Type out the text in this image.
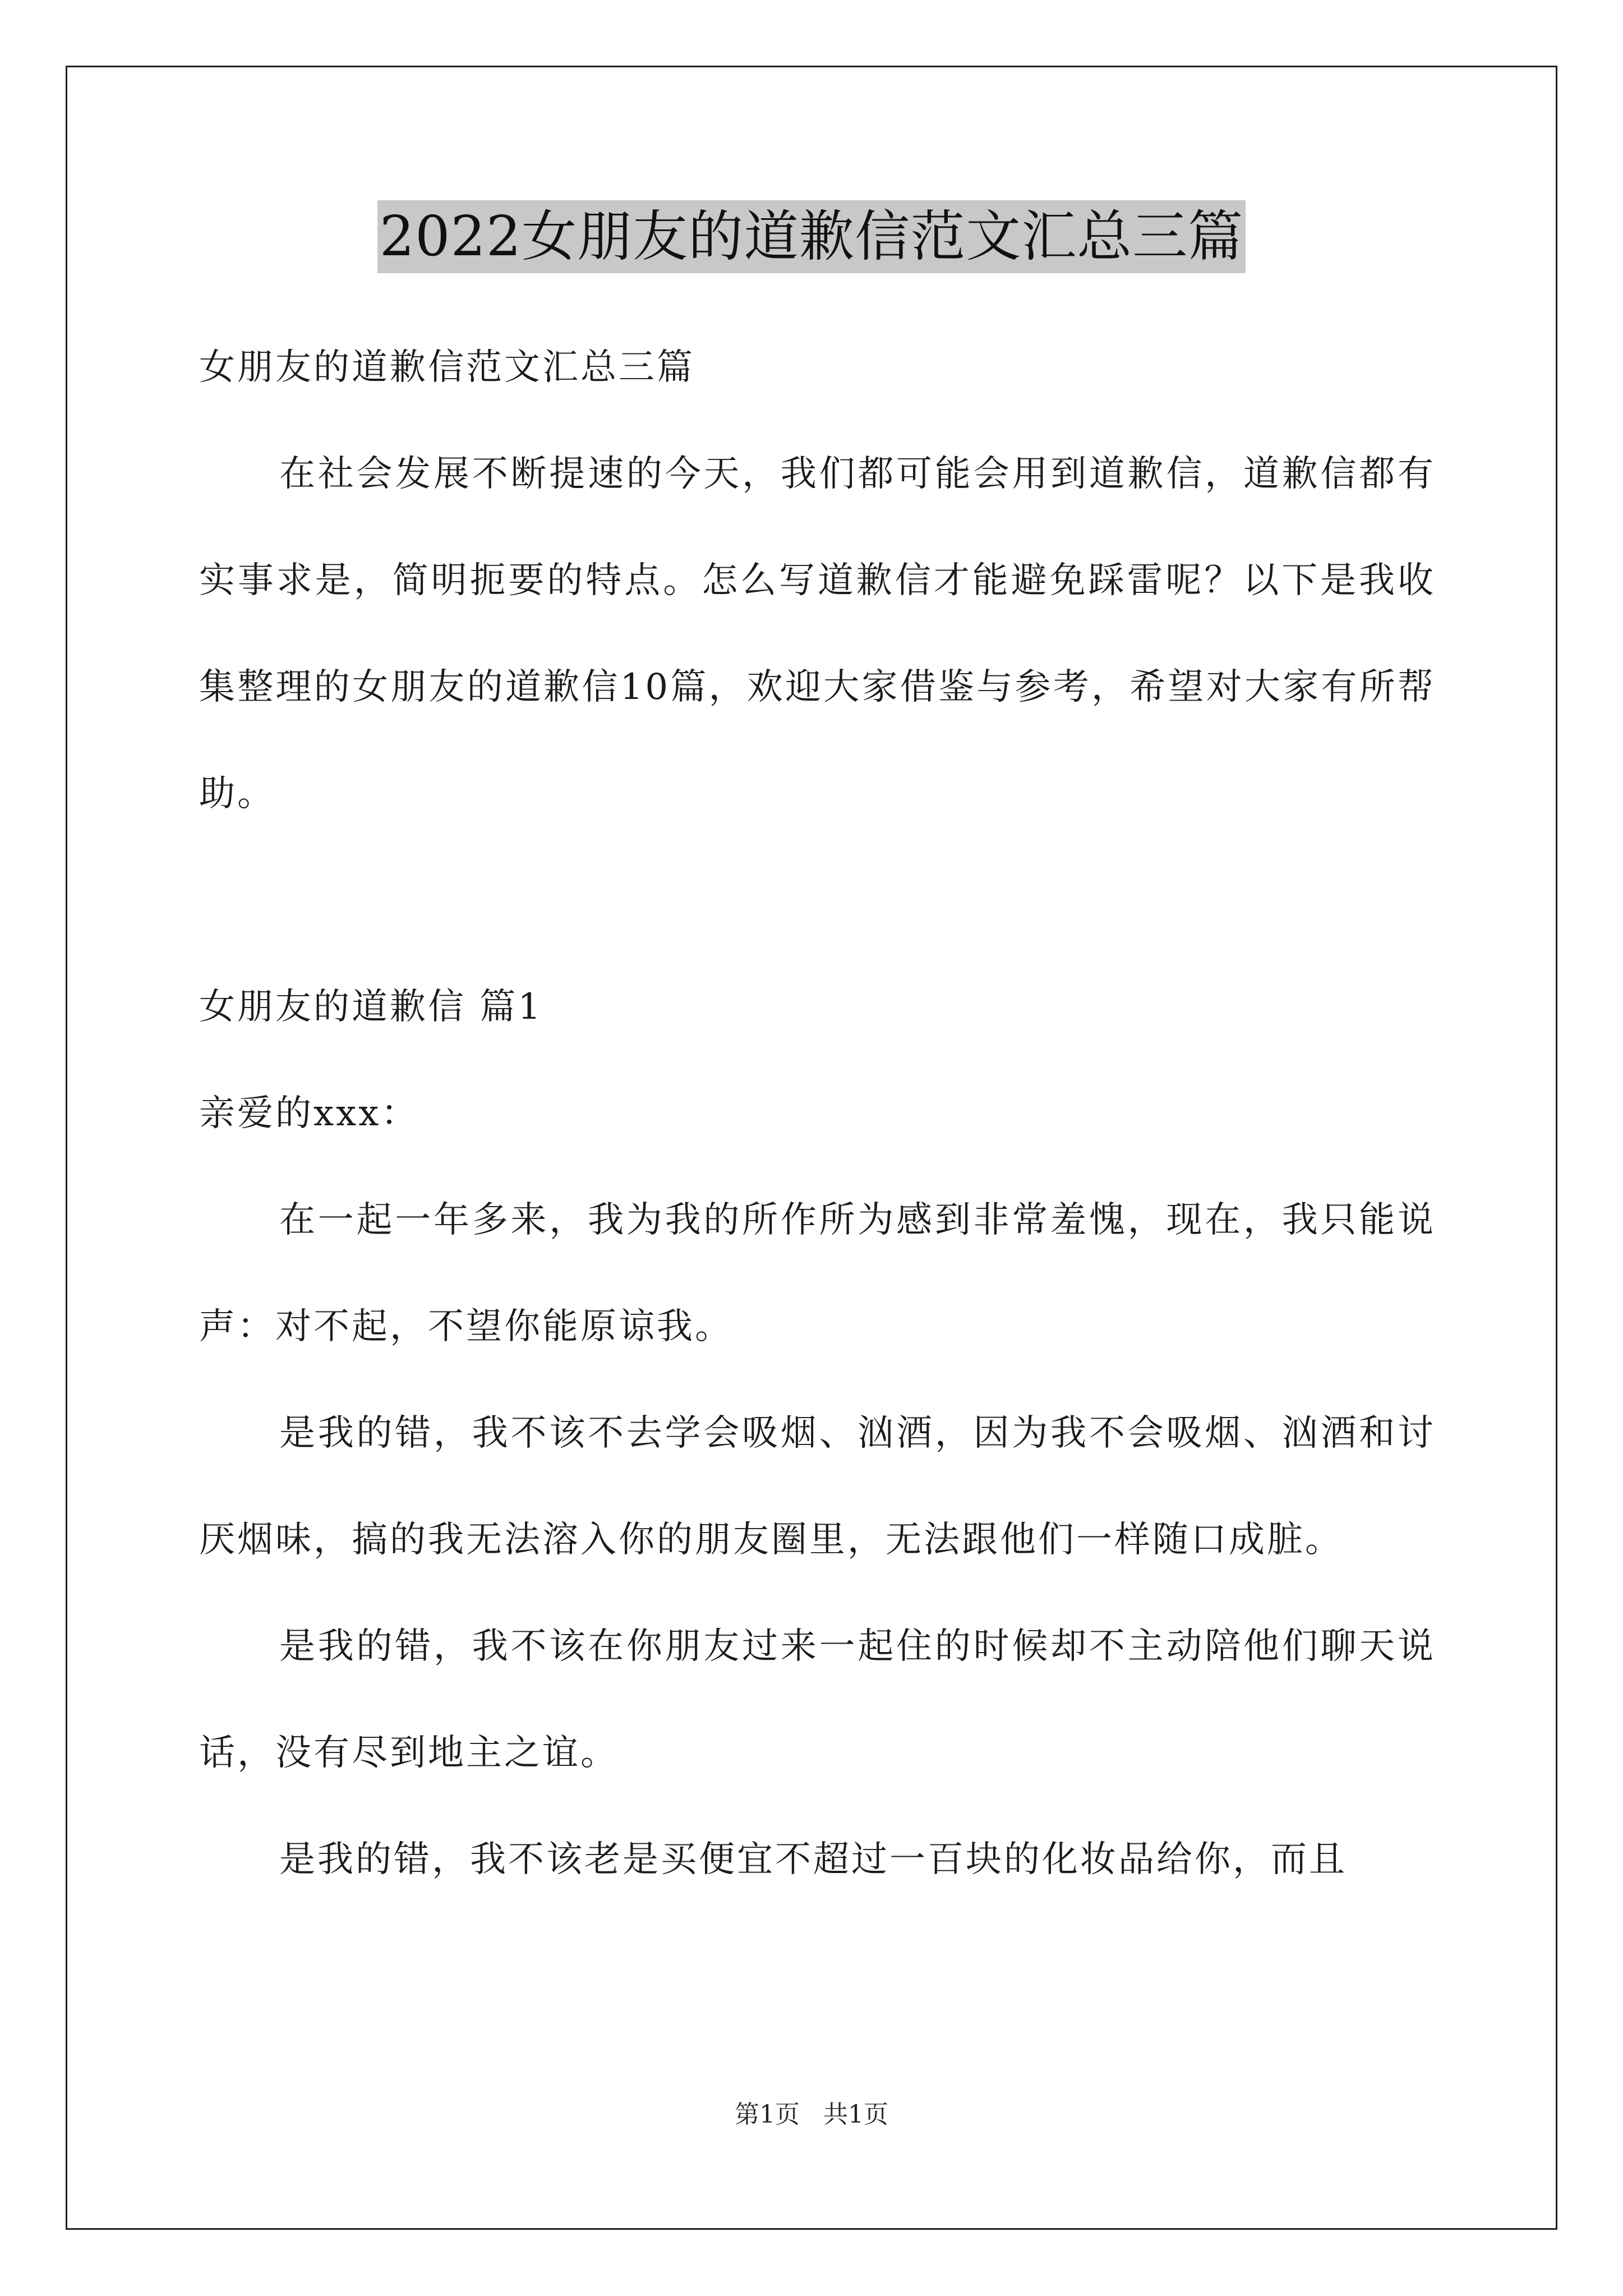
2022女朋友的道歉信范文汇总三篇

女朋友的道歉信范文汇总三篇

在社会发展不断提速的今天，我们都可能会用到道歉信，道歉信都有实事求是，简明扼要的特点。怎么写道歉信才能避免踩雷呢？以下是我收集整理的女朋友的道歉信10篇，欢迎大家借鉴与参考，希望对大家有所帮助。

女朋友的道歉信 篇1

亲爱的xxx：

在一起一年多来，我为我的所作所为感到非常羞愧，现在，我只能说声：对不起，不望你能原谅我。

是我的错，我不该不去学会吸烟、汹酒，因为我不会吸烟、汹酒和讨厌烟味，搞的我无法溶入你的朋友圈里，无法跟他们一样随口成脏。

是我的错，我不该在你朋友过来一起住的时候却不主动陪他们聊天说话，没有尽到地主之谊。

是我的错，我不该老是买便宜不超过一百块的化妆品给你，而且

第1页 共1页
